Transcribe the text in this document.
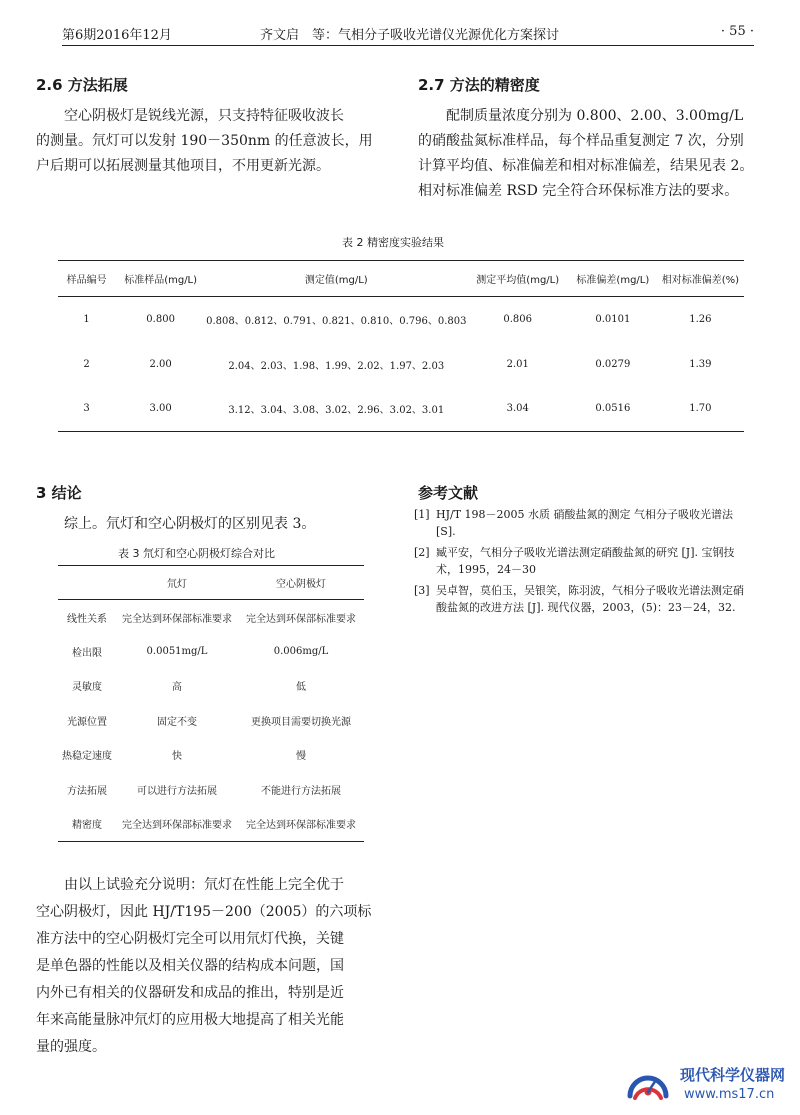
第6期2016年12月	齐文启　等：气相分子吸收光谱仪光源优化方案探讨	· 55 ·
2.6 方法拓展
空心阴极灯是锐线光源，只支持特征吸收波长
的测量。氘灯可以发射 190－350nm 的任意波长，用
户后期可以拓展测量其他项目，不用更新光源。
2.7 方法的精密度
配制质量浓度分别为 0.800、2.00、3.00mg/L
的硝酸盐氮标准样品，每个样品重复测定 7 次，分别
计算平均值、标准偏差和相对标准偏差，结果见表 2。
相对标准偏差 RSD 完全符合环保标准方法的要求。
表 2 精密度实验结果
样品编号	标准样品(mg/L)	测定值(mg/L)	测定平均值(mg/L)	标准偏差(mg/L)	相对标准偏差(%)
1	0.800	0.808、0.812、0.791、0.821、0.810、0.796、0.803	0.806	0.0101	1.26
2	2.00	2.04、2.03、1.98、1.99、2.02、1.97、2.03	2.01	0.0279	1.39
3	3.00	3.12、3.04、3.08、3.02、2.96、3.02、3.01	3.04	0.0516	1.70
3 结论
综上。氘灯和空心阴极灯的区别见表 3。
表 3 氘灯和空心阴极灯综合对比
	氘灯	空心阴极灯
线性关系	完全达到环保部标准要求	完全达到环保部标准要求
检出限	0.0051mg/L	0.006mg/L
灵敏度	高	低
光源位置	固定不变	更换项目需要切换光源
热稳定速度	快	慢
方法拓展	可以进行方法拓展	不能进行方法拓展
精密度	完全达到环保部标准要求	完全达到环保部标准要求
由以上试验充分说明：氘灯在性能上完全优于
空心阴极灯，因此 HJ/T195－200（2005）的六项标
准方法中的空心阴极灯完全可以用氘灯代换，关键
是单色器的性能以及相关仪器的结构成本问题，国
内外已有相关的仪器研发和成品的推出，特别是近
年来高能量脉冲氘灯的应用极大地提高了相关光能
量的强度。
参考文献
[1] HJ/T 198－2005 水质 硝酸盐氮的测定 气相分子吸收光谱法 [S].
[2] 臧平安，气相分子吸收光谱法测定硝酸盐氮的研究 [J]. 宝钢技术，1995，24－30
[3] 吴卓智，莫伯玉，吴银笑，陈羽波，气相分子吸收光谱法测定硝酸盐氮的改进方法 [J]. 现代仪器，2003，(5)：23－24，32.
现代科学仪器网
www.ms17.cn
